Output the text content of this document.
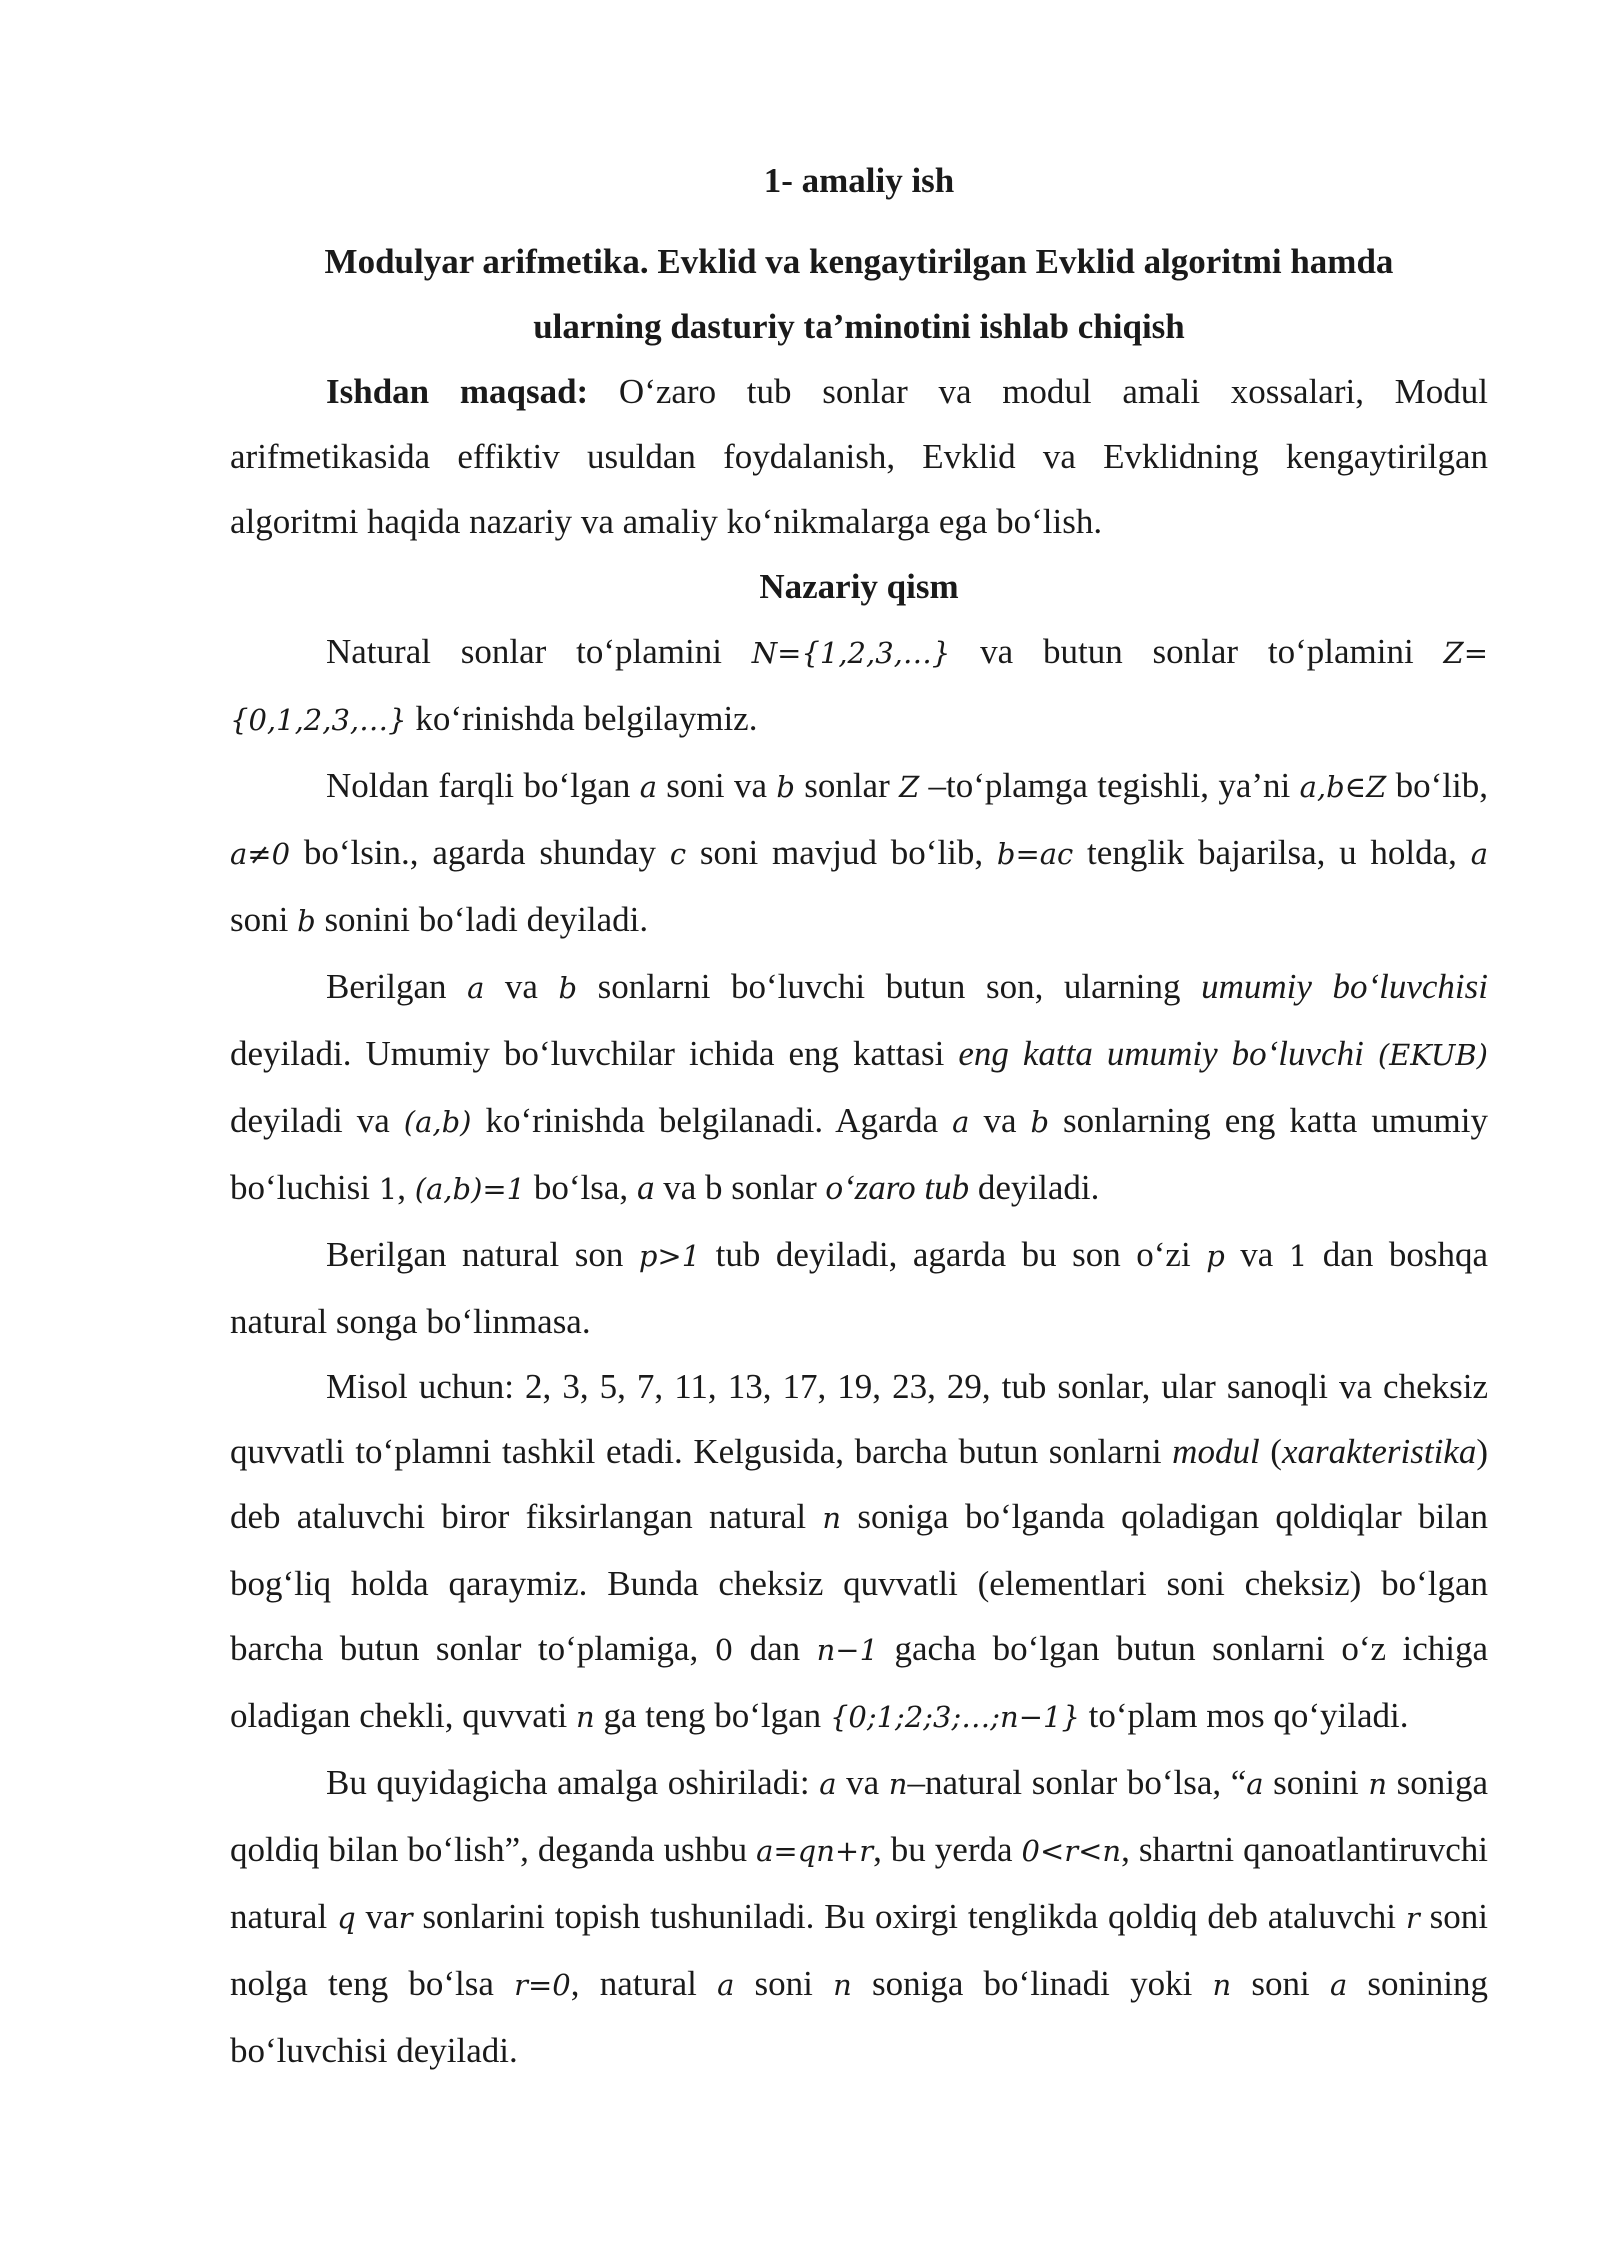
1- amaliy ish
Modulyar arifmetika. Evklid va kengaytirilgan Evklid algoritmi hamda
ularning dasturiy ta’minotini ishlab chiqish

Ishdan maqsad: O‘zaro tub sonlar va modul amali xossalari, Modul arifmetikasida effiktiv usuldan foydalanish, Evklid va Evklidning kengaytirilgan algoritmi haqida nazariy va amaliy ko‘nikmalarga ega bo‘lish.

Nazariy qism

Natural sonlar to‘plamini N={1,2,3,…} va butun sonlar to‘plamini Z={0,1,2,3,…} ko‘rinishda belgilaymiz.

Noldan farqli bo‘lgan a soni va b sonlar Z –to‘plamga tegishli, ya’ni a,b∈Z bo‘lib, a≠0 bo‘lsin., agarda shunday c soni mavjud bo‘lib, b=ac tenglik bajarilsa, u holda, a soni b sonini bo‘ladi deyiladi.

Berilgan a va b sonlarni bo‘luvchi butun son, ularning umumiy bo‘luvchisi deyiladi. Umumiy bo‘luvchilar ichida eng kattasi eng katta umumiy bo‘luvchi (EKUB) deyiladi va (a,b) ko‘rinishda belgilanadi. Agarda a va b sonlarning eng katta umumiy bo‘luchisi 1, (a,b)=1 bo‘lsa, a va b sonlar o‘zaro tub deyiladi.

Berilgan natural son p>1 tub deyiladi, agarda bu son o‘zi p va 1 dan boshqa natural songa bo‘linmasa.

Misol uchun: 2, 3, 5, 7, 11, 13, 17, 19, 23, 29, tub sonlar, ular sanoqli va cheksiz quvvatli to‘plamni tashkil etadi. Kelgusida, barcha butun sonlarni modul (xarakteristika) deb ataluvchi biror fiksirlangan natural n soniga bo‘lganda qoladigan qoldiqlar bilan bog‘liq holda qaraymiz. Bunda cheksiz quvvatli (elementlari soni cheksiz) bo‘lgan barcha butun sonlar to‘plamiga, 0 dan n−1 gacha bo‘lgan butun sonlarni o‘z ichiga oladigan chekli, quvvati n ga teng bo‘lgan {0;1;2;3;…;n−1} to‘plam mos qo‘yiladi.

Bu quyidagicha amalga oshiriladi: a va n–natural sonlar bo‘lsa, “a sonini n soniga qoldiq bilan bo‘lish”, deganda ushbu a=qn+r, bu yerda 0<r<n, shartni qanoatlantiruvchi natural q var sonlarini topish tushuniladi. Bu oxirgi tenglikda qoldiq deb ataluvchi r soni nolga teng bo‘lsa r=0, natural a soni n soniga bo‘linadi yoki n soni a sonining bo‘luvchisi deyiladi.
